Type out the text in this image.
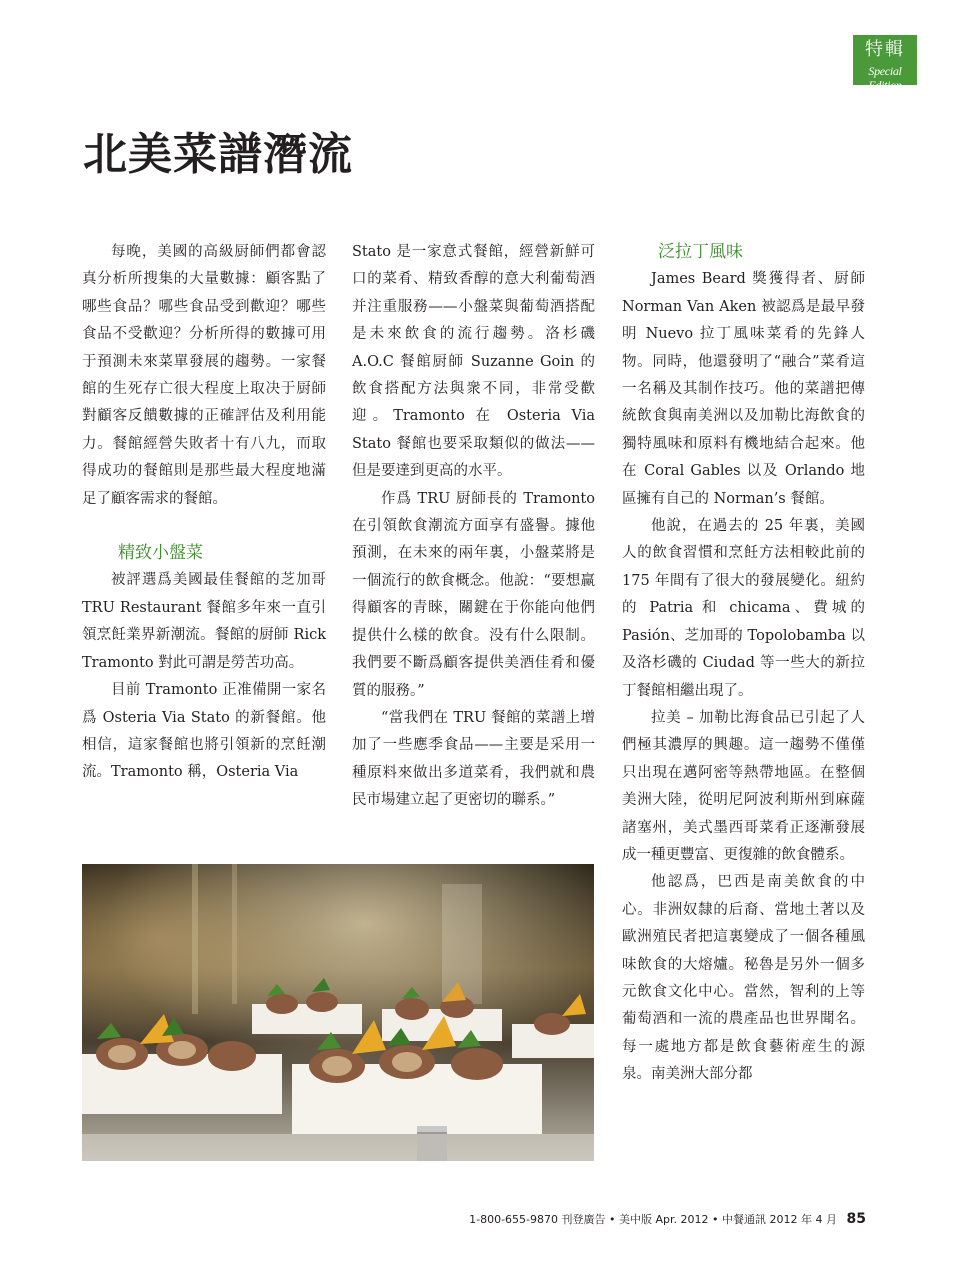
特輯
Special Edition
北美菜譜潛流

每晚，美國的高級厨師們都會認真分析所搜集的大量數據：顧客點了哪些食品？哪些食品受到歡迎？哪些食品不受歡迎？分析所得的數據可用于預測未來菜單發展的趨勢。一家餐館的生死存亡很大程度上取决于厨師對顧客反饋數據的正確評估及利用能力。餐館經營失敗者十有八九，而取得成功的餐館則是那些最大程度地滿足了顧客需求的餐館。

精致小盤菜

被評選爲美國最佳餐館的芝加哥 TRU Restaurant 餐館多年來一直引領烹飪業界新潮流。餐館的厨師 Rick Tramonto 對此可謂是勞苦功高。

目前 Tramonto 正准備開一家名爲 Osteria Via Stato 的新餐館。他相信，這家餐館也將引領新的烹飪潮流。Tramonto 稱，Osteria Via

Stato 是一家意式餐館，經營新鮮可口的菜肴、精致香醇的意大利葡萄酒并注重服務——小盤菜與葡萄酒搭配是未來飲食的流行趨勢。洛杉磯 A.O.C 餐館厨師 Suzanne Goin 的飲食搭配方法與衆不同，非常受歡迎。Tramonto 在 Osteria Via Stato 餐館也要采取類似的做法——但是要達到更高的水平。

作爲 TRU 厨師長的 Tramonto 在引領飲食潮流方面享有盛譽。據他預測，在未來的兩年裏，小盤菜將是一個流行的飲食概念。他說：“要想赢得顧客的青睞，關鍵在于你能向他們提供什么樣的飲食。没有什么限制。我們要不斷爲顧客提供美酒佳肴和優質的服務。”

“當我們在 TRU 餐館的菜譜上增加了一些應季食品——主要是采用一種原料來做出多道菜肴，我們就和農民市場建立起了更密切的聯系。”

泛拉丁風味

James Beard 獎獲得者、厨師 Norman Van Aken 被認爲是最早發明 Nuevo 拉丁風味菜肴的先鋒人物。同時，他還發明了“融合”菜肴這一名稱及其制作技巧。他的菜譜把傳統飲食與南美洲以及加勒比海飲食的獨特風味和原料有機地結合起來。他在 Coral Gables 以及 Orlando 地區擁有自己的 Norman’s 餐館。

他說，在過去的 25 年裏，美國人的飲食習慣和烹飪方法相較此前的 175 年間有了很大的發展變化。紐約的 Patria 和 chicama、費城的 Pasión、芝加哥的 Topolobamba 以及洛杉磯的 Ciudad 等一些大的新拉丁餐館相繼出現了。

拉美 – 加勒比海食品已引起了人們極其濃厚的興趣。這一趨勢不僅僅只出現在邁阿密等熱帶地區。在整個美洲大陸，從明尼阿波利斯州到麻薩諸塞州，美式墨西哥菜肴正逐漸發展成一種更豐富、更復雜的飲食體系。

他認爲，巴西是南美飲食的中心。非洲奴隸的后裔、當地土著以及歐洲殖民者把這裏變成了一個各種風味飲食的大熔爐。秘魯是另外一個多元飲食文化中心。當然，智利的上等葡萄酒和一流的農產品也世界聞名。每一處地方都是飲食藝術産生的源泉。南美洲大部分都

1-800-655-9870 刊登廣告 • 美中版 Apr. 2012 • 中餐通訊 2012 年 4 月 85
